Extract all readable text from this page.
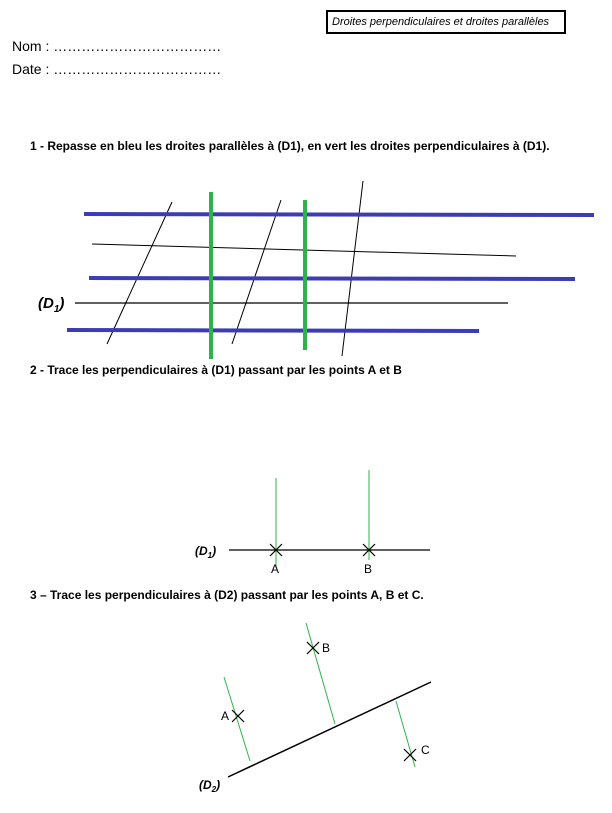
Droites perpendiculaires et droites parallèles
Nom : ………………………………
Date : ………………………………
1 - Repasse en bleu les droites parallèles à (D1), en vert les droites perpendiculaires à (D1).
2 - Trace les perpendiculaires à (D1) passant par les points A et B
3 – Trace les perpendiculaires à (D2) passant par les points A, B et C.
$(D_1)$
$(D_1)$
A	B
A
B
C
$(D_2)$
